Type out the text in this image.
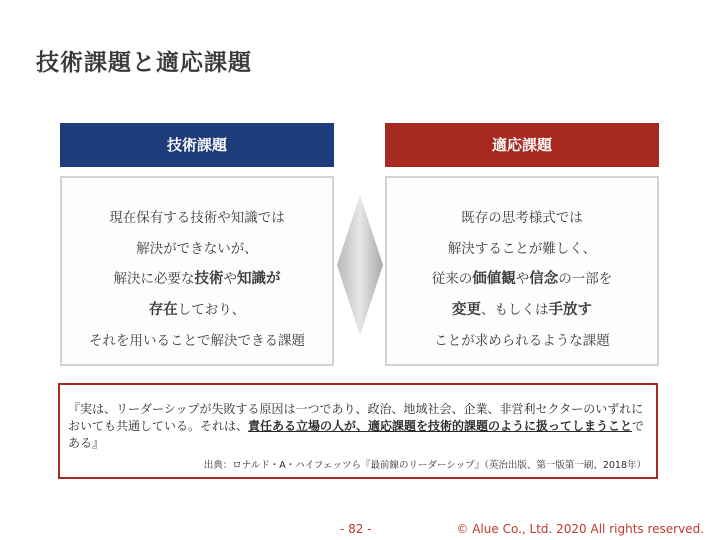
技術課題と適応課題
技術課題
現在保有する技術や知識では
解決ができないが、
解決に必要な技術や知識が
存在しており、
それを用いることで解決できる課題
適応課題
既存の思考様式では
解決することが難しく、
従来の価値観や信念の一部を
変更、もしくは手放す
ことが求められるような課題
『実は、リーダーシップが失敗する原因は一つであり、政治、地域社会、企業、非営利セクターのいずれにおいても共通している。それは、責任ある立場の人が、適応課題を技術的課題のように扱ってしまうことである』
出典：ロナルド・A・ハイフェッツら『最前線のリーダーシップ』（英治出版、第一版第一刷、2018年）
- 82 -	© Alue Co., Ltd. 2020 All rights reserved.
